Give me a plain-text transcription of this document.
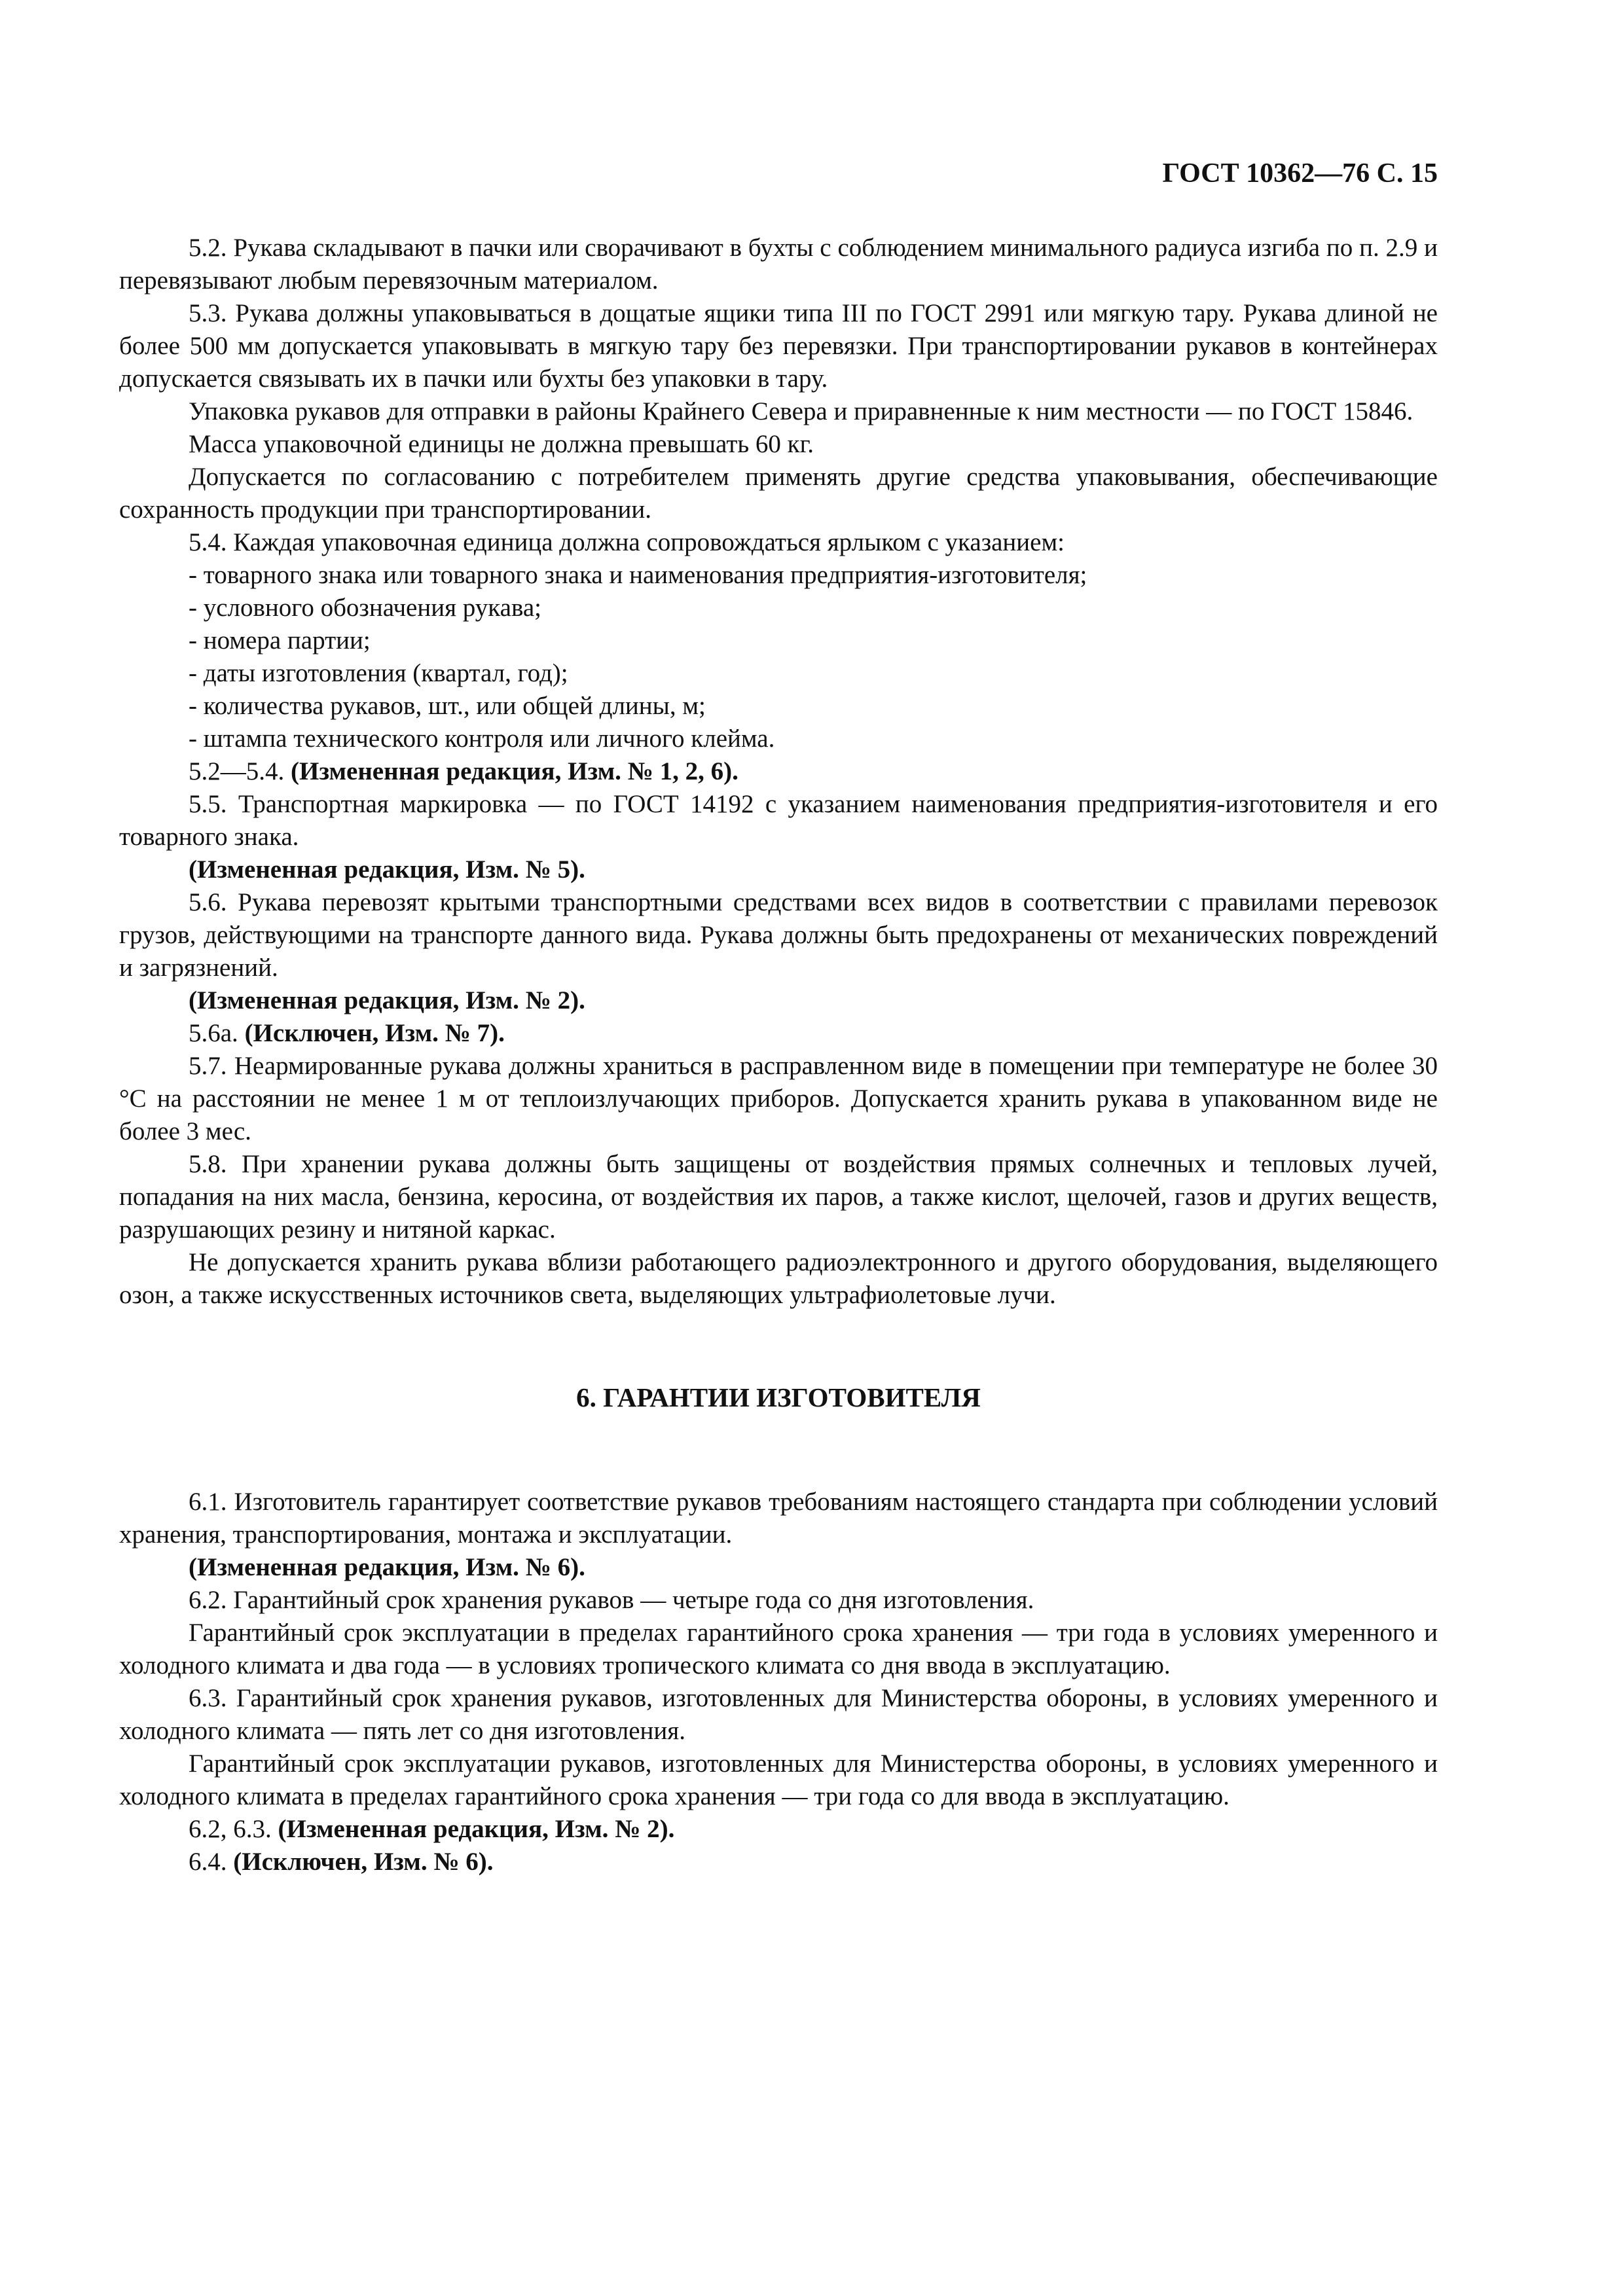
ГОСТ 10362—76 С. 15

5.2. Рукава складывают в пачки или сворачивают в бухты с соблюдением минимального радиуса изгиба по п. 2.9 и перевязывают любым перевязочным материалом.

5.3. Рукава должны упаковываться в дощатые ящики типа III по ГОСТ 2991 или мягкую тару. Рукава длиной не более 500 мм допускается упаковывать в мягкую тару без перевязки. При транспортировании рукавов в контейнерах допускается связывать их в пачки или бухты без упаковки в тару.

Упаковка рукавов для отправки в районы Крайнего Севера и приравненные к ним местности — по ГОСТ 15846.

Масса упаковочной единицы не должна превышать 60 кг.

Допускается по согласованию с потребителем применять другие средства упаковывания, обеспечивающие сохранность продукции при транспортировании.

5.4. Каждая упаковочная единица должна сопровождаться ярлыком с указанием:

- товарного знака или товарного знака и наименования предприятия-изготовителя;

- условного обозначения рукава;

- номера партии;

- даты изготовления (квартал, год);

- количества рукавов, шт., или общей длины, м;

- штампа технического контроля или личного клейма.

5.2—5.4. (Измененная редакция, Изм. № 1, 2, 6).

5.5. Транспортная маркировка — по ГОСТ 14192 с указанием наименования предприятия-изготовителя и его товарного знака.

(Измененная редакция, Изм. № 5).

5.6. Рукава перевозят крытыми транспортными средствами всех видов в соответствии с правилами перевозок грузов, действующими на транспорте данного вида. Рукава должны быть предохранены от механических повреждений и загрязнений.

(Измененная редакция, Изм. № 2).

5.6а. (Исключен, Изм. № 7).

5.7. Неармированные рукава должны храниться в расправленном виде в помещении при температуре не более 30 °С на расстоянии не менее 1 м от теплоизлучающих приборов. Допускается хранить рукава в упакованном виде не более 3 мес.

5.8. При хранении рукава должны быть защищены от воздействия прямых солнечных и тепловых лучей, попадания на них масла, бензина, керосина, от воздействия их паров, а также кислот, щелочей, газов и других веществ, разрушающих резину и нитяной каркас.

Не допускается хранить рукава вблизи работающего радиоэлектронного и другого оборудования, выделяющего озон, а также искусственных источников света, выделяющих ультрафиолетовые лучи.

6. ГАРАНТИИ ИЗГОТОВИТЕЛЯ

6.1. Изготовитель гарантирует соответствие рукавов требованиям настоящего стандарта при соблюдении условий хранения, транспортирования, монтажа и эксплуатации.

(Измененная редакция, Изм. № 6).

6.2. Гарантийный срок хранения рукавов — четыре года со дня изготовления.

Гарантийный срок эксплуатации в пределах гарантийного срока хранения — три года в условиях умеренного и холодного климата и два года — в условиях тропического климата со дня ввода в эксплуатацию.

6.3. Гарантийный срок хранения рукавов, изготовленных для Министерства обороны, в условиях умеренного и холодного климата — пять лет со дня изготовления.

Гарантийный срок эксплуатации рукавов, изготовленных для Министерства обороны, в условиях умеренного и холодного климата в пределах гарантийного срока хранения — три года со для ввода в эксплуатацию.

6.2, 6.3. (Измененная редакция, Изм. № 2).

6.4. (Исключен, Изм. № 6).
